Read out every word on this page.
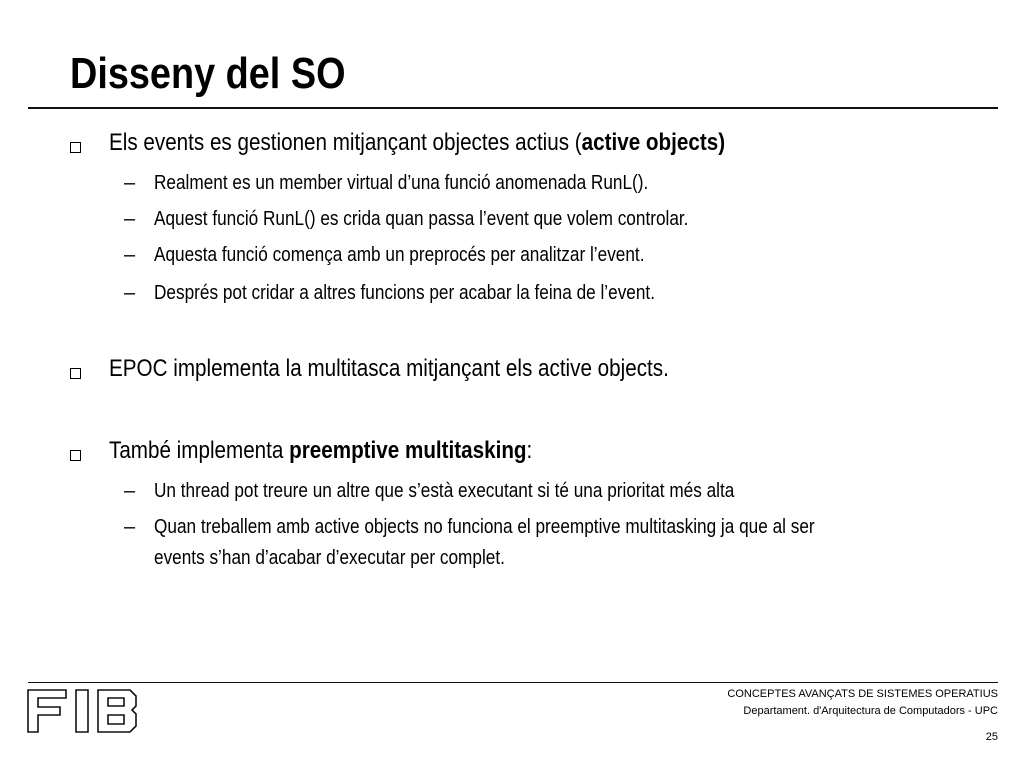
Disseny del SO
Els events es gestionen mitjançant objectes actius (active objects)
– Realment es un member virtual d’una funció anomenada RunL().
– Aquest funció RunL() es crida quan passa l’event que volem controlar.
– Aquesta funció comença amb un preprocés per analitzar l’event.
– Després pot cridar a altres funcions per acabar la feina de l’event.
EPOC implementa la multitasca mitjançant els active objects.
També implementa preemptive multitasking:
– Un thread pot treure un altre que s’està executant si té una prioritat més alta
– Quan treballem amb active objects no funciona el preemptive multitasking ja que al ser
events s’han d’acabar d’executar per complet.
FIB	CONCEPTES AVANÇATS DE SISTEMES OPERATIUS
Departament. d'Arquitectura de Computadors - UPC
25
